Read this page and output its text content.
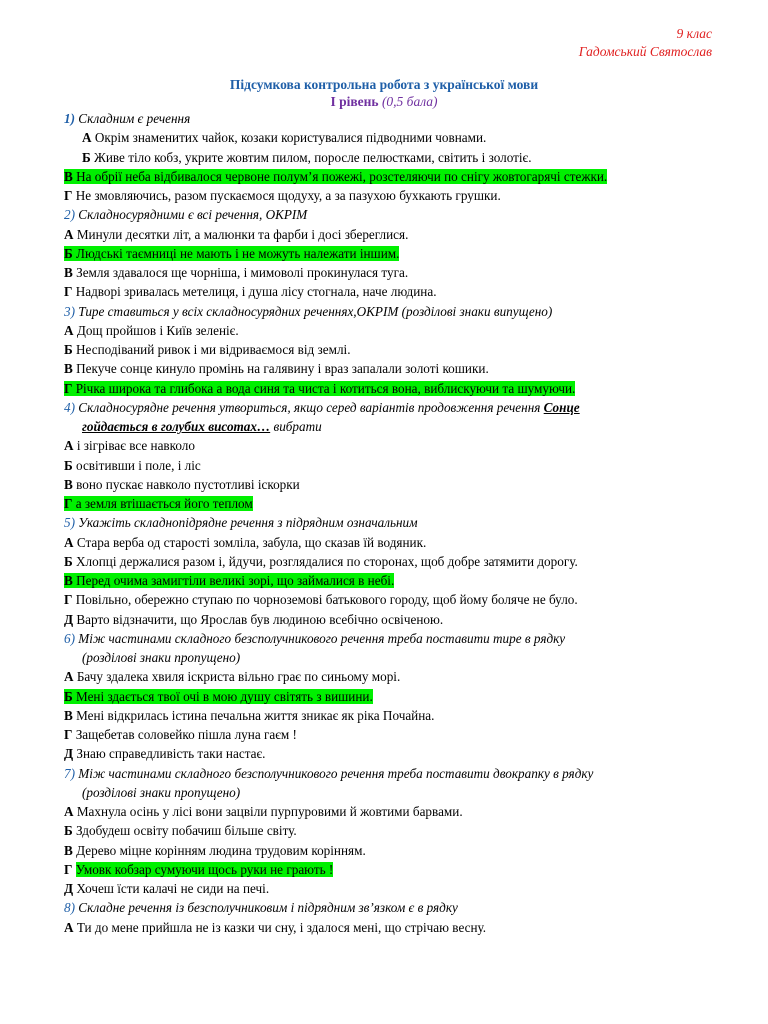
9 клас
Гадомський Святослав
Підсумкова контрольна робота з української мови
І рівень (0,5 бала)
1) Складним є речення
А Окрім знаменитих чайок, козаки користувалися підводними човнами.
Б Живе тіло кобз, укрите жовтим пилом, поросле пелюстками, світить і золотіє.
В На обрії неба відбивалося червоне полум’я пожежі, розстеляючи по снігу жовтогарячі стежки.
Г Не змовляючись, разом пускаємося щодуху, а за пазухою бухкають грушки.
2) Складносурядними є всі речення, ОКРІМ
А Минули десятки літ, а малюнки та фарби і досі збереглися.
Б Людські таємниці не мають і не можуть належати іншим.
В Земля здавалося ще чорніша, і мимоволі прокинулася туга.
Г Надворі зривалась метелиця, і душа лісу стогнала, наче людина.
3) Тире ставиться у всіх складносурядних реченнях,ОКРІМ (розділові знаки випущено)
А Дощ пройшов і Київ зеленіє.
Б Несподіваний ривок і ми відриваємося від землі.
В Пекуче сонце кинуло промінь на галявину і враз запалали золоті кошики.
Г Річка широка та глибока а вода синя та чиста і котиться вона, виблискуючи та шумуючи.
4) Складносурядне речення утвориться, якщо серед варіантів продовження речення Сонце
гойдається в голубих висотах… вибрати
А і зігріває все навколо
Б освітивши і поле, і ліс
В воно пускає навколо пустотливі іскорки
Г а земля втішається його теплом
5) Укажіть складнопідрядне речення з підрядним означальним
А Стара верба од старості зомліла, забула, що сказав їй водяник.
Б Хлопці держалися разом і, йдучи, розглядалися по сторонах, щоб добре затямити дорогу.
В Перед очима замигтіли великі зорі, що займалися в небі.
Г Повільно, обережно ступаю по чорноземові батькового городу, щоб йому боляче не було.
Д Варто відзначити, що Ярослав був людиною всебічно освіченою.
6) Між частинами складного безсполучникового речення треба поставити тире в рядку
(розділові знаки пропущено)
А Бачу здалека хвиля іскриста вільно грає по синьому морі.
Б Мені здається твої очі в мою душу світять з вишини.
В Мені відкрилась істина печальна життя зникає як ріка Почайна.
Г Защебетав соловейко пішла луна гаєм !
Д Знаю справедливість таки настає.
7) Між частинами складного безсполучникового речення треба поставити двокрапку в рядку
(розділові знаки пропущено)
А Махнула осінь у лісі вони зацвіли пурпуровими й жовтими барвами.
Б Здобудеш освіту побачиш більше світу.
В Дерево міцне корінням людина трудовим корінням.
Г Умовк кобзар сумуючи щось руки не грають !
Д Хочеш їсти калачі не сиди на печі.
8) Складне речення із безсполучниковим і підрядним зв’язком є в рядку
А Ти до мене прийшла не із казки чи сну, і здалося мені, що стрічаю весну.
